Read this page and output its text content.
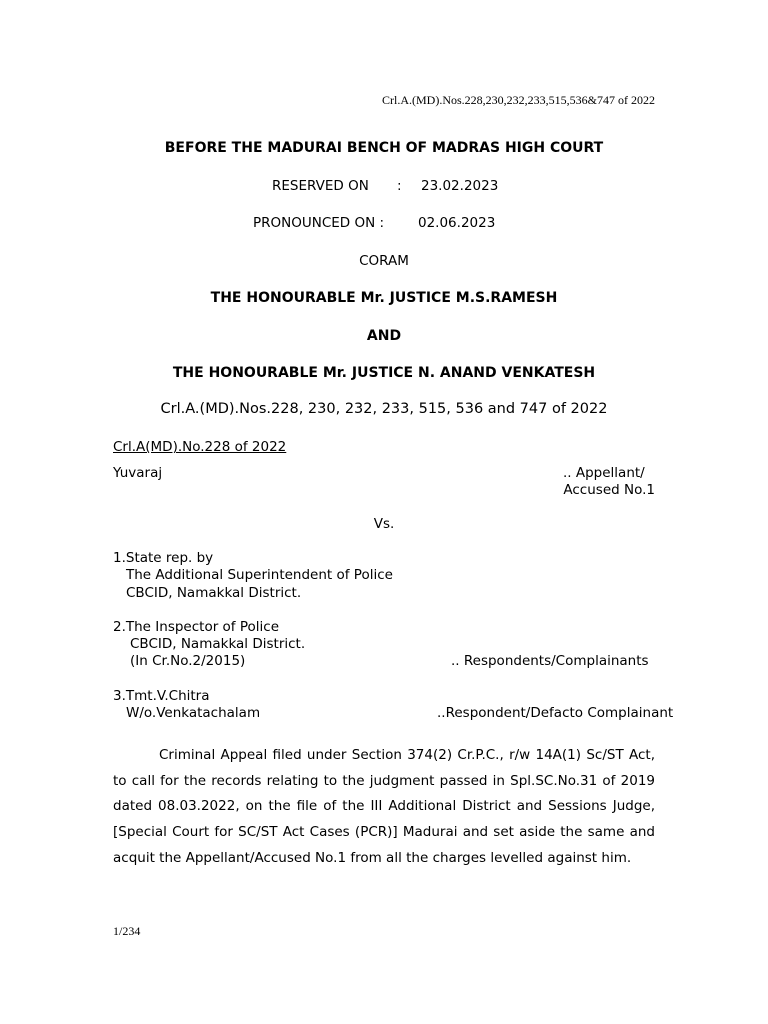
Crl.A.(MD).Nos.228,230,232,233,515,536&747 of 2022
BEFORE THE MADURAI BENCH OF MADRAS HIGH COURT
RESERVED ON : 23.02.2023
PRONOUNCED ON :	02.06.2023
CORAM
THE HONOURABLE Mr. JUSTICE M.S.RAMESH
AND
THE HONOURABLE Mr. JUSTICE N. ANAND VENKATESH
Crl.A.(MD).Nos.228, 230, 232, 233, 515, 536 and 747 of 2022
Crl.A(MD).No.228 of 2022
Yuvaraj	.. Appellant/
Accused No.1
Vs.
1.State rep. by
The Additional Superintendent of Police
CBCID, Namakkal District.
2.The Inspector of Police
CBCID, Namakkal District.
(In Cr.No.2/2015)	.. Respondents/Complainants
3.Tmt.V.Chitra
W/o.Venkatachalam	..Respondent/Defacto Complainant

Criminal Appeal filed under Section 374(2) Cr.P.C., r/w 14A(1) Sc/ST Act, to call for the records relating to the judgment passed in Spl.SC.No.31 of 2019 dated 08.03.2022, on the file of the III Additional District and Sessions Judge, [Special Court for SC/ST Act Cases (PCR)] Madurai and set aside the same and acquit the Appellant/Accused No.1 from all the charges levelled against him.

1/234
